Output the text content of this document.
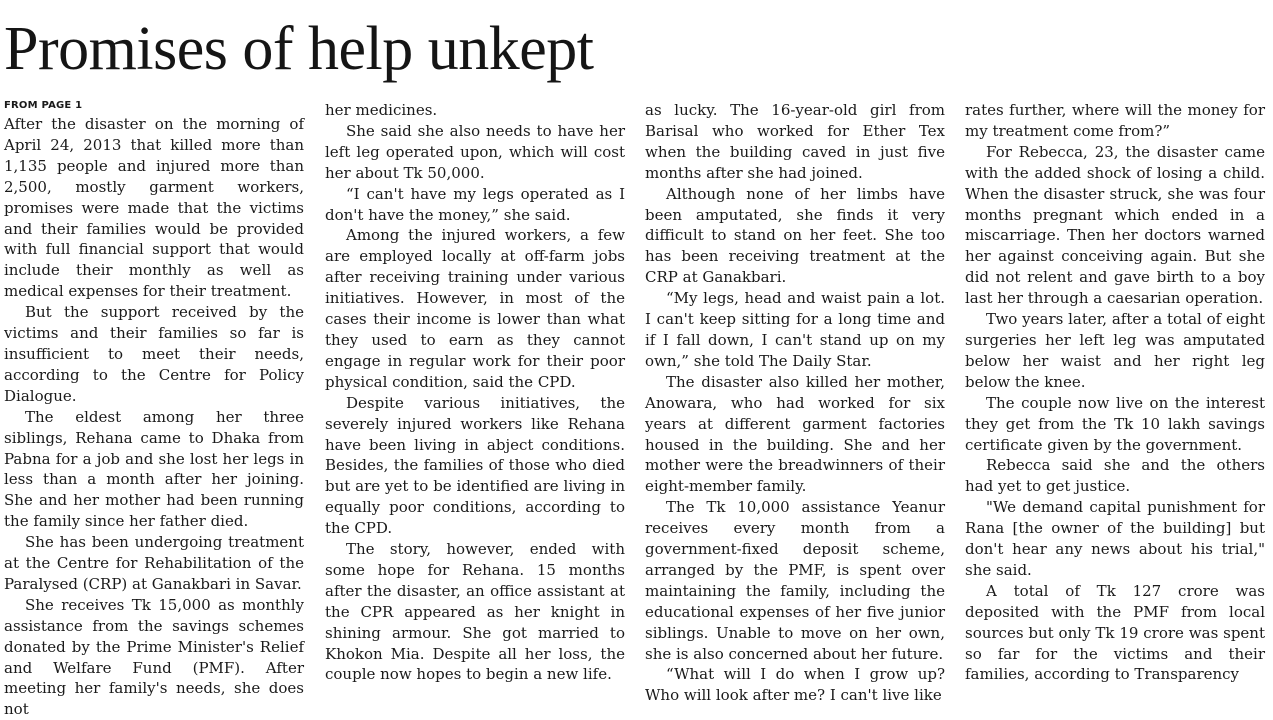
Promises of help unkept
FROM PAGE 1

After the disaster on the morning of April 24, 2013 that killed more than 1,135 people and injured more than 2,500, mostly garment workers, promises were made that the victims and their families would be provided with full financial support that would include their monthly as well as medical expenses for their treatment.

But the support received by the victims and their families so far is insufficient to meet their needs, according to the Centre for Policy Dialogue.

The eldest among her three siblings, Rehana came to Dhaka from Pabna for a job and she lost her legs in less than a month after her joining. She and her mother had been running the family since her father died.

She has been undergoing treatment at the Centre for Rehabilitation of the Paralysed (CRP) at Ganakbari in Savar.

She receives Tk 15,000 as monthly assistance from the savings schemes donated by the Prime Minister's Relief and Welfare Fund (PMF). After meeting her family's needs, she does not

her medicines.

She said she also needs to have her left leg operated upon, which will cost her about Tk 50,000.

“I can't have my legs operated as I don't have the money,” she said.

Among the injured workers, a few are employed locally at off-farm jobs after receiving training under various initiatives. However, in most of the cases their income is lower than what they used to earn as they cannot engage in regular work for their poor physical condition, said the CPD.

Despite various initiatives, the severely injured workers like Rehana have been living in abject conditions. Besides, the families of those who died but are yet to be identified are living in equally poor conditions, according to the CPD.

The story, however, ended with some hope for Rehana. 15 months after the disaster, an office assistant at the CPR appeared as her knight in shining armour. She got married to Khokon Mia. Despite all her loss, the couple now hopes to begin a new life.

as lucky. The 16-year-old girl from Barisal who worked for Ether Tex when the building caved in just five months after she had joined.

Although none of her limbs have been amputated, she finds it very difficult to stand on her feet. She too has been receiving treatment at the CRP at Ganakbari.

“My legs, head and waist pain a lot. I can't keep sitting for a long time and if I fall down, I can't stand up on my own,” she told The Daily Star.

The disaster also killed her mother, Anowara, who had worked for six years at different garment factories housed in the building. She and her mother were the breadwinners of their eight-member family.

The Tk 10,000 assistance Yeanur receives every month from a government-fixed deposit scheme, arranged by the PMF, is spent over maintaining the family, including the educational expenses of her five junior siblings. Unable to move on her own, she is also concerned about her future.

“What will I do when I grow up? Who will look after me? I can't live like

rates further, where will the money for my treatment come from?”

For Rebecca, 23, the disaster came with the added shock of losing a child. When the disaster struck, she was four months pregnant which ended in a miscarriage. Then her doctors warned her against conceiving again. But she did not relent and gave birth to a boy last her through a caesarian operation.

Two years later, after a total of eight surgeries her left leg was amputated below her waist and her right leg below the knee.

The couple now live on the interest they get from the Tk 10 lakh savings certificate given by the government.

Rebecca said she and the others had yet to get justice.

"We demand capital punishment for Rana [the owner of the building] but don't hear any news about his trial," she said.

A total of Tk 127 crore was deposited with the PMF from local sources but only Tk 19 crore was spent so far for the victims and their families, according to Transparency
